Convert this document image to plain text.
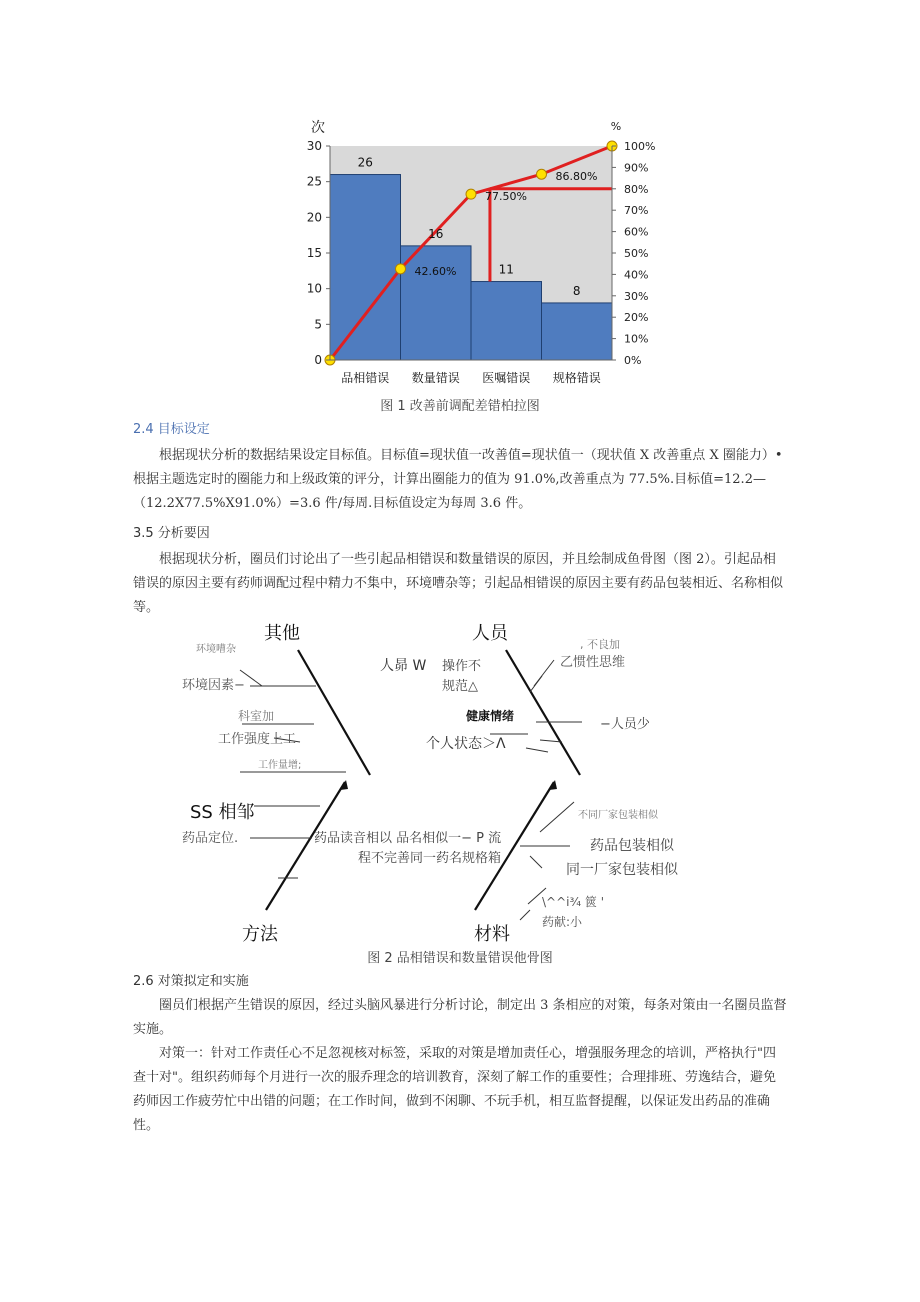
品相错误 数量错误 医嘱错误 规格错误
0
5
10
15
20
25
30
0%
10%
20%
30%
40%
50%
60%
70%
80%
90%
100%
26
16
11
8
42.60%
77.50%
86.80%
次	%
图 1 改善前调配差错柏拉图
2.4 目标设定
根据现状分析的数据结果设定目标值。目标值=现状值一改善值=现状值一（现状值 X 改善重点 X 圈能力）•根据主题选定时的圈能力和上级政策的评分，计算出圈能力的值为 91.0%,改善重点为 77.5%.目标值=12.2—（12.2X77.5%X91.0%）=3.6 件/每周.目标值设定为每周 3.6 件。
3.5 分析要因
根据现状分析，圈员们讨论出了一些引起品相错误和数量错误的原因，并且绘制成鱼骨图（图 2）。引起品相错误的原因主要有药师调配过程中精力不集中，环境嘈杂等；引起品相错误的原因主要有药品包装相近、名称相似等。
其他	人员
方法	材料
环境嘈杂
环境因素−
科室加
工作强度上工
工作量增;
人昴 W 操作不
规范△
, 不良加
乙惯性思维
健康情绪
−人员少
个人状态＞Λ
SS 相邹
药品定位.	药品读音相以 品名相似一− P 流
程不完善同一药名规格箱
不同厂家包装相似
药品包装相似
同一厂家包装相似
\^^i³⁄₄ 篋 '
药献:小
图 2 品相错误和数量错误他骨图
2.6 对策拟定和实施
圈员们根据产生错误的原因，经过头脑风暴进行分析讨论，制定出 3 条相应的对策，每条对策由一名圈员监督实施。
对策一：针对工作责任心不足忽视核对标签，采取的对策是增加责任心，增强服务理念的培训，严格执行"四查十对"。组织药师每个月进行一次的服乔理念的培训教育，深刻了解工作的重要性；合理排班、劳逸结合，避免药师因工作疲劳忙中出错的问题；在工作时间，做到不闲聊、不玩手机，相互监督提醒，以保证发出药品的准确性。
